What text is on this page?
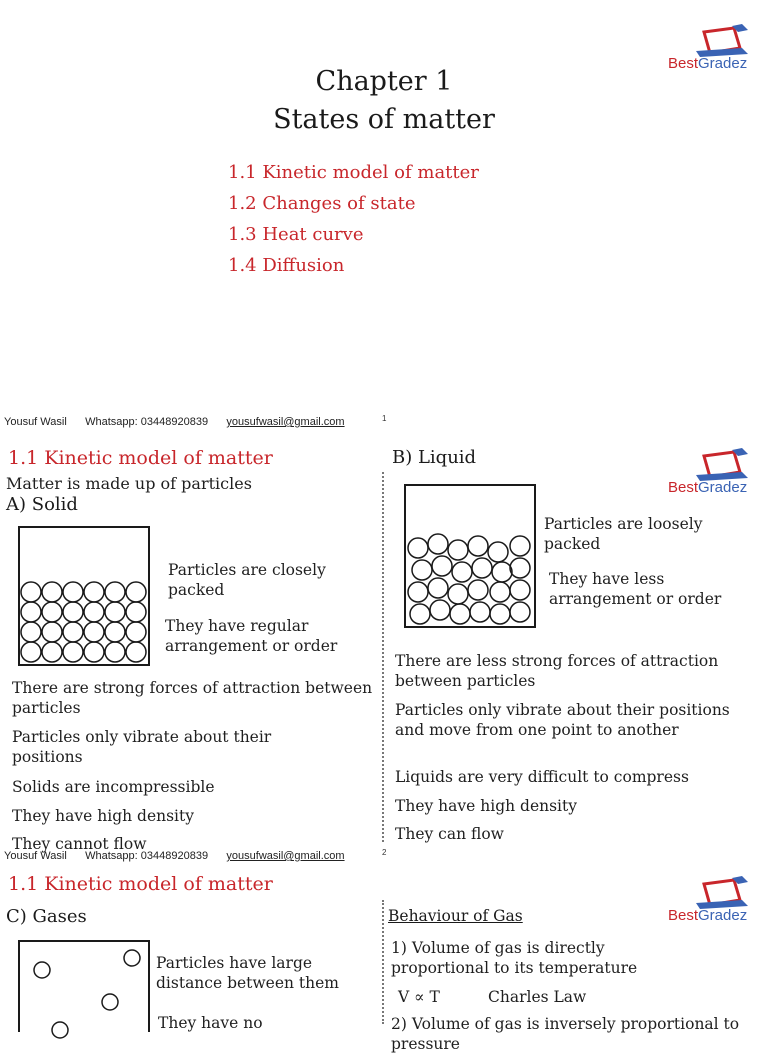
BestGradez
Chapter 1
States of matter
1.1 Kinetic model of matter
1.2 Changes of state
1.3 Heat curve
1.4 Diffusion
Yousuf Wasil Whatsapp: 03448920839 yousufwasil@gmail.com	1
1.1 Kinetic model of matter
Matter is made up of particles
A) Solid
Particles are closely packed
They have regular arrangement or order
There are strong forces of attraction between particles
Particles only vibrate about their positions
Solids are incompressible
They have high density
They cannot flow
B) Liquid
BestGradez
Particles are loosely packed
They have less arrangement or order
There are less strong forces of attraction between particles
Particles only vibrate about their positions and move from one point to another
Liquids are very difficult to compress
They have high density
They can flow
Yousuf Wasil Whatsapp: 03448920839 yousufwasil@gmail.com	2
1.1 Kinetic model of matter
C) Gases
Particles have large distance between them
They have no
Behaviour of Gas	BestGradez
1) Volume of gas is directly proportional to its temperature
V ∝ T	Charles Law
2) Volume of gas is inversely proportional to pressure
